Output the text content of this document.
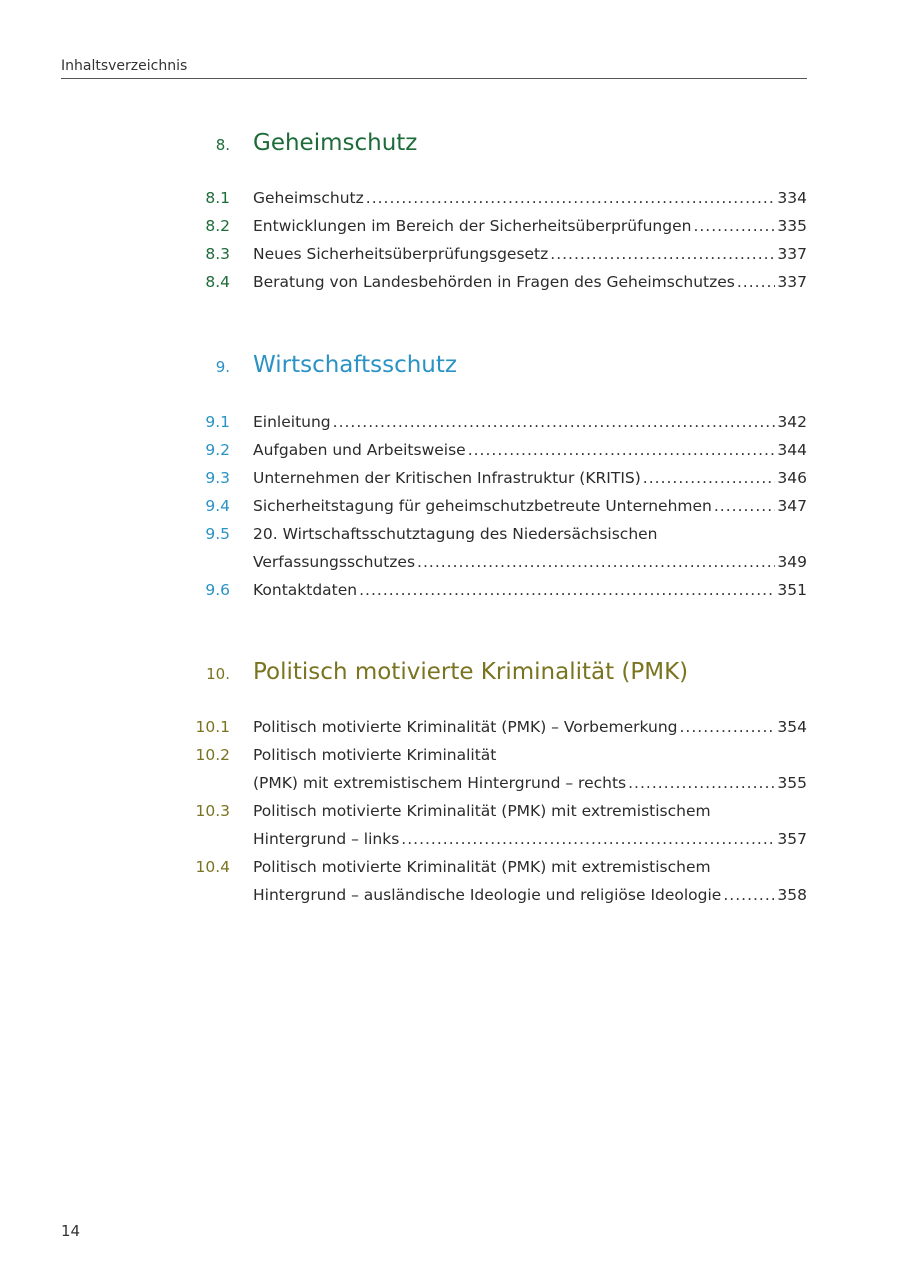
Inhaltsverzeichnis
8. Geheimschutz
8.1 Geheimschutz .....	334
8.2 Entwicklungen im Bereich der Sicherheitsüberprüfungen .....	335
8.3 Neues Sicherheitsüberprüfungsgesetz .....	337
8.4 Beratung von Landesbehörden in Fragen des Geheimschutzes .....	337
9. Wirtschaftsschutz
9.1 Einleitung .....	342
9.2 Aufgaben und Arbeitsweise .....	344
9.3 Unternehmen der Kritischen Infrastruktur (KRITIS) .....	346
9.4 Sicherheitstagung für geheimschutzbetreute Unternehmen .....	347
9.5 20. Wirtschaftsschutztagung des Niedersächsischen
Verfassungsschutzes .....	349
9.6 Kontaktdaten .....	351
10. Politisch motivierte Kriminalität (PMK)
10.1 Politisch motivierte Kriminalität (PMK) – Vorbemerkung .....	354
10.2 Politisch motivierte Kriminalität
(PMK) mit extremistischem Hintergrund – rechts .....	355
10.3 Politisch motivierte Kriminalität (PMK) mit extremistischem
Hintergrund – links .....	357
10.4 Politisch motivierte Kriminalität (PMK) mit extremistischem
Hintergrund – ausländische Ideologie und religiöse Ideologie .....	358
14
